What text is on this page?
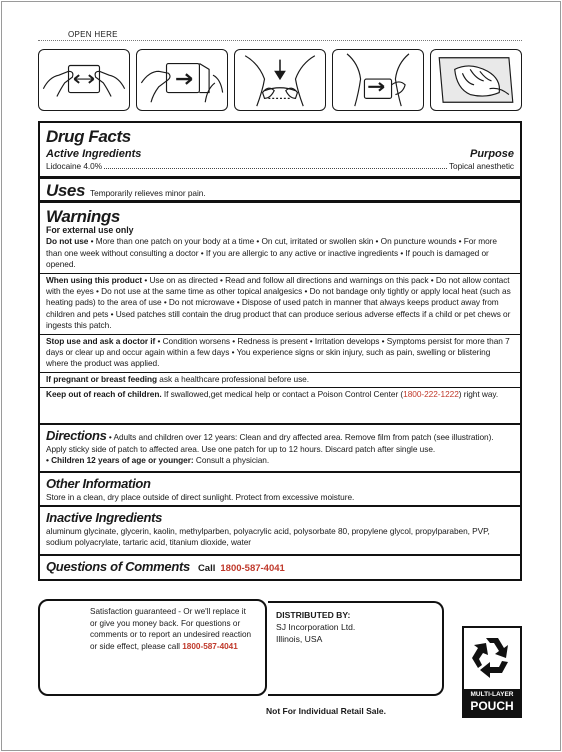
OPEN HERE
Drug Facts
Active Ingredients	Purpose
Lidocaine 4.0%	Topical anesthetic
Uses Temporarily relieves minor pain.
Warnings
For external use only
Do not use • More than one patch on your body at a time • On cut, irritated or swollen skin • On puncture wounds • For more than one week without consulting a doctor • If you are allergic to any active or inactive ingredients • If pouch is damaged or opened.
When using this product • Use on as directed • Read and follow all directions and warnings on this pack • Do not allow contact with the eyes • Do not use at the same time as other topical analgesics • Do not bandage only tightly or apply local heat (such as heating pads) to the area of use • Do not microwave • Dispose of used patch in manner that always keeps product away from children and pets • Used patches still contain the drug product that can produce serious adverse effects if a child or pet chews or ingests this patch.
Stop use and ask a doctor if • Condition worsens • Redness is present • Irritation develops • Symptoms persist for more than 7 days or clear up and occur again within a few days • You experience signs or skin injury, such as pain, swelling or blistering where the product was applied.
If pregnant or breast feeding ask a healthcare professional before use.
Keep out of reach of children. If swallowed,get medical help or contact a Poison Control Center (1800-222-1222) right way.
Directions • Adults and children over 12 years: Clean and dry affected area. Remove film from patch (see illustration). Apply sticky side of patch to affected area. Use one patch for up to 12 hours. Discard patch after single use.
• Children 12 years of age or younger: Consult a physician.
Other Information
Store in a clean, dry place outside of direct sunlight. Protect from excessive moisture.
Inactive Ingredients
aluminum glycinate, glycerin, kaolin, methylparben, polyacrylic acid, polysorbate 80, propylene glycol, propylparaben, PVP, sodium polyacrylate, tartaric acid, titanium dioxide, water
Questions of Comments Call 1800-587-4041
Satisfaction guaranteed - Or we'll replace it or give you money back. For questions or comments or to report an undesired reaction or side effect, please call 1800-587-4041
DISTRIBUTED BY:
SJ Incorporation Ltd.
Illinois, USA
Not For Individual Retail Sale.
MULTI-LAYER
POUCH
